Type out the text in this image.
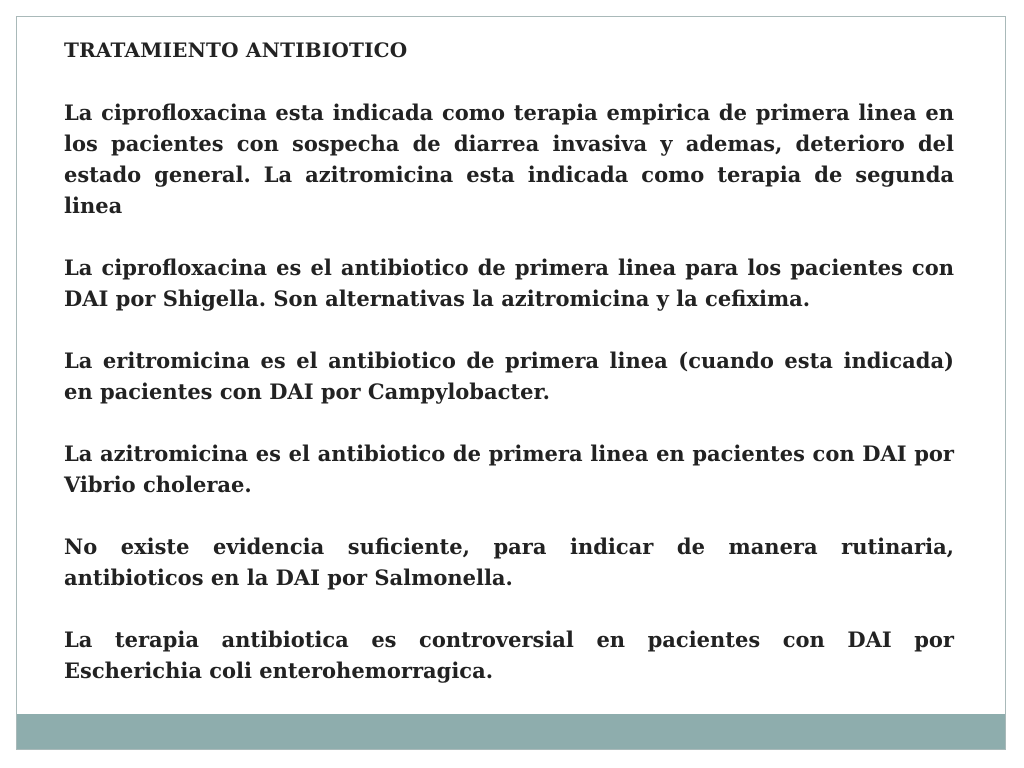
TRATAMIENTO ANTIBIOTICO

La ciprofloxacina esta indicada como terapia empirica de primera linea en los pacientes con sospecha de diarrea invasiva y ademas, deterioro del estado general. La azitromicina esta indicada como terapia de segunda linea

La ciprofloxacina es el antibiotico de primera linea para los pacientes con DAI por Shigella. Son alternativas la azitromicina y la cefixima.

La eritromicina es el antibiotico de primera linea (cuando esta indicada) en pacientes con DAI por Campylobacter.

La azitromicina es el antibiotico de primera linea en pacientes con DAI por Vibrio cholerae.

No existe evidencia suficiente, para indicar de manera rutinaria, antibioticos en la DAI por Salmonella.

La terapia antibiotica es controversial en pacientes con DAI por Escherichia coli enterohemorragica.
